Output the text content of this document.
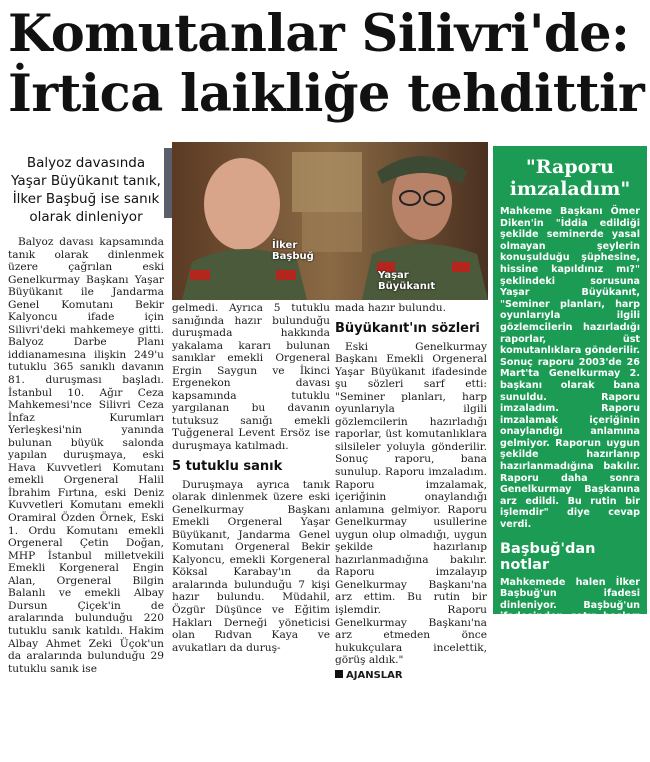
Komutanlar Silivri'de:
İrtica laikliğe tehdittir
Balyoz davasında Yaşar Büyükanıt tanık, İlker Başbuğ ise sanık olarak dinleniyor
İlker Başbuğ
Yaşar Büyükanıt

Balyoz davası kapsamında tanık olarak dinlenmek üzere çağrılan eski Genelkurmay Başkanı Yaşar Büyükanıt ile Jandarma Genel Komutanı Bekir Kalyoncu ifade için Silivri'deki mahkemeye gitti. Balyoz Darbe Planı iddianamesına ilişkin 249'u tutuklu 365 sanıklı davanın 81. duruşması başladı. İstanbul 10. Ağır Ceza Mahkemesi'nce Silivri Ceza İnfaz Kurumları Yerleşkesi'nin yanında bulunan büyük salonda yapılan duruşmaya, eski Hava Kuvvetleri Komutanı emekli Orgeneral Halil İbrahim Fırtına, eski Deniz Kuvvetleri Komutanı emekli Oramiral Özden Örnek, Eski 1. Ordu Komutanı emekli Orgeneral Çetin Doğan, MHP İstanbul milletvekili Emekli Korgeneral Engin Alan, Orgeneral Bilgin Balanlı ve emekli Albay Dursun Çiçek'in de aralarında bulunduğu 220 tutuklu sanık katıldı. Hakim Albay Ahmet Zeki Üçok'un da aralarında bulunduğu 29 tutuklu sanık ise

gelmedi. Ayrıca 5 tutuklu sanığında hazır bulunduğu duruşmada hakkında yakalama kararı bulunan sanıklar emekli Orgeneral Ergin Saygun ve İkinci Ergenekon davası kapsamında tutuklu yargılanan bu davanın tutuksuz sanığı emekli Tuğgeneral Levent Ersöz ise duruşmaya katılmadı.

5 tutuklu sanık

Duruşmaya ayrıca tanık olarak dinlenmek üzere eski Genelkurmay Başkanı Emekli Orgeneral Yaşar Büyükanıt, Jandarma Genel Komutanı Orgeneral Bekir Kalyoncu, emekli Korgeneral Köksal Karabay'ın da aralarında bulunduğu 7 kişi hazır bulundu. Müdahil, Özgür Düşünce ve Eğitim Hakları Derneği yöneticisi olan Rıdvan Kaya ve avukatları da duruş-

mada hazır bulundu.

Büyükanıt'ın sözleri

Eski Genelkurmay Başkanı Emekli Orgeneral Yaşar Büyükanıt ifadesinde şu sözleri sarf etti: "Seminer planları, harp oyunlarıyla ilgili gözlemcilerin hazırladığı raporlar, üst komutanlıklara silsileler yoluyla gönderilir. Sonuç raporu, bana sunulup. Raporu imzaladım. Raporu imzalamak, içeriğinin onaylandığı anlamına gelmiyor. Raporu Genelkurmay usullerine uygun olup olmadığı, uygun şekilde hazırlanıp hazırlanmadığına bakılır. Raporu imzalayıp Genelkurmay Başkanı'na arz ettim. Bu rutin bir işlemdir. Raporu Genelkurmay Başkanı'na arz etmeden önce hukukçulara incelettik, görüş aldık."

AJANSLAR

"Raporu imzaladım"

Mahkeme Başkanı Ömer Diken'in "İddia edildiği şekilde seminerde yasal olmayan şeylerin konuşulduğu şüphesine, hissine kapıldınız mı?" şeklindeki sorusuna Yaşar Büyükanıt, "Seminer planları, harp oyunlarıyla ilgili gözlemcilerin hazırladığı raporlar, üst komutanlıklara gönderilir. Sonuç raporu 2003'de 26 Mart'ta Genelkurmay 2. başkanı olarak bana sunuldu. Raporu imzaladım. Raporu imzalamak içeriğinin onaylandığı anlamına gelmiyor. Raporun uygun şekilde hazırlanıp hazırlanmadığına bakılır. Raporu daha sonra Genelkurmay Başkanına arz edildi. Bu rutin bir işlemdir" diye cevap verdi.

Başbuğ'dan notlar

Mahkemede halen İlker Başbuğ'un ifadesi dinleniyor. Başbuğ'un ifadesinden satır başları şu şekilde; "TSK Genelkurmay Başkanlığı'nın göstergesidir. Genelkurmay Başkanlığı hiçbir zaman yalan söylemez. Bazı bilgiler eksik, yanlış olabilir ama kesinlikle yalan söylemez. Plan seminer, tatbikatlar programının bir gereğidir."
